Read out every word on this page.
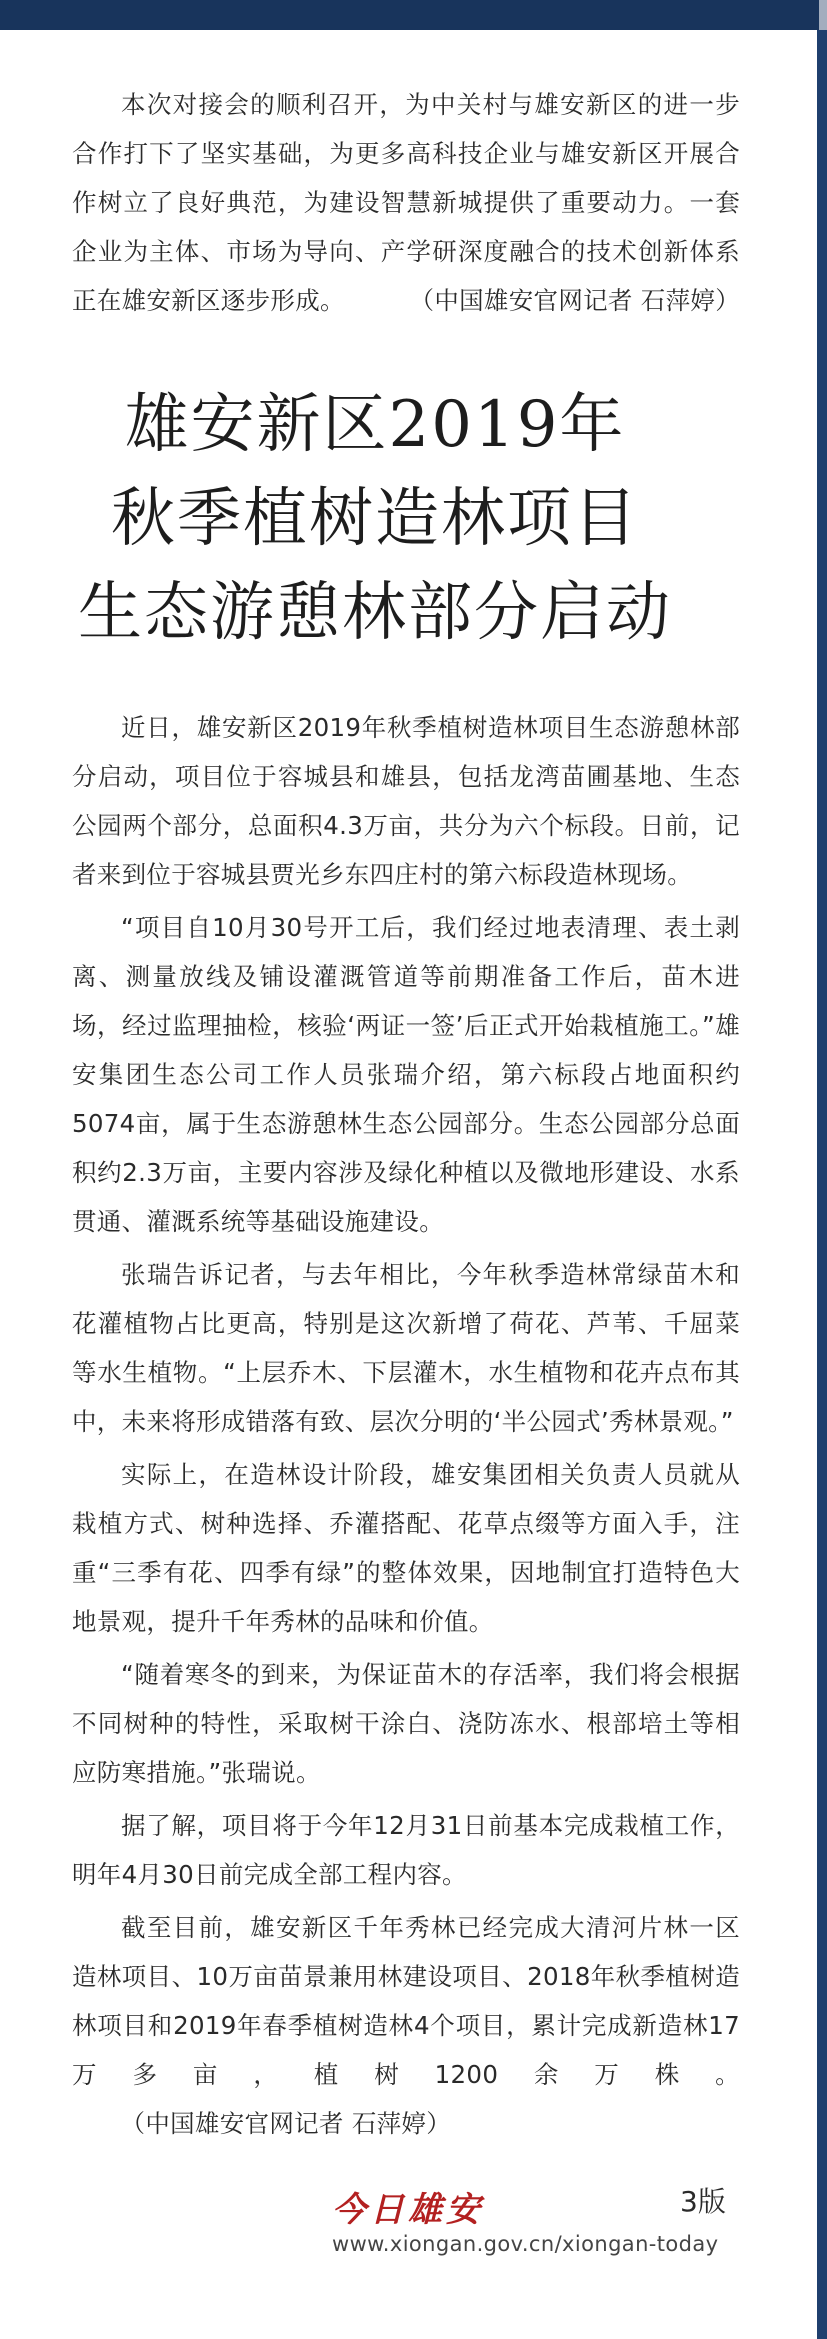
本次对接会的顺利召开，为中关村与雄安新区的进一步合作打下了坚实基础，为更多高科技企业与雄安新区开展合作树立了良好典范，为建设智慧新城提供了重要动力。一套企业为主体、市场为导向、产学研深度融合的技术创新体系正在雄安新区逐步形成。	（中国雄安官网记者 石萍婷）

雄安新区2019年
秋季植树造林项目
生态游憩林部分启动

近日，雄安新区2019年秋季植树造林项目生态游憩林部分启动，项目位于容城县和雄县，包括龙湾苗圃基地、生态公园两个部分，总面积4.3万亩，共分为六个标段。日前，记者来到位于容城县贾光乡东四庄村的第六标段造林现场。

“项目自10月30号开工后，我们经过地表清理、表土剥离、测量放线及铺设灌溉管道等前期准备工作后，苗木进场，经过监理抽检，核验‘两证一签’后正式开始栽植施工。”雄安集团生态公司工作人员张瑞介绍，第六标段占地面积约5074亩，属于生态游憩林生态公园部分。生态公园部分总面积约2.3万亩，主要内容涉及绿化种植以及微地形建设、水系贯通、灌溉系统等基础设施建设。

张瑞告诉记者，与去年相比，今年秋季造林常绿苗木和花灌植物占比更高，特别是这次新增了荷花、芦苇、千屈菜等水生植物。“上层乔木、下层灌木，水生植物和花卉点布其中，未来将形成错落有致、层次分明的‘半公园式’秀林景观。”

实际上，在造林设计阶段，雄安集团相关负责人员就从栽植方式、树种选择、乔灌搭配、花草点缀等方面入手，注重“三季有花、四季有绿”的整体效果，因地制宜打造特色大地景观，提升千年秀林的品味和价值。

“随着寒冬的到来，为保证苗木的存活率，我们将会根据不同树种的特性，采取树干涂白、浇防冻水、根部培土等相应防寒措施。”张瑞说。

据了解，项目将于今年12月31日前基本完成栽植工作，明年4月30日前完成全部工程内容。

截至目前，雄安新区千年秀林已经完成大清河片林一区造林项目、10万亩苗景兼用林建设项目、2018年秋季植树造林项目和2019年春季植树造林4个项目，累计完成新造林17万多亩，植树1200余万株。      （中国雄安官网记者 石萍婷）

今日雄安	3版
www.xiongan.gov.cn/xiongan-today
